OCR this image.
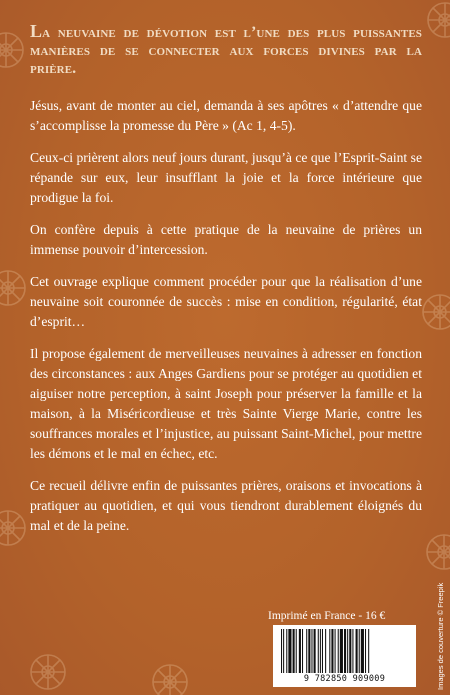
La neuvaine de dévotion est l’une des plus puissantes manières de se connecter aux forces divines par la prière.

Jésus, avant de monter au ciel, demanda à ses apôtres « d’attendre que s’accomplisse la promesse du Père » (Ac 1, 4-5).

Ceux-ci prièrent alors neuf jours durant, jusqu’à ce que l’Esprit-Saint se répande sur eux, leur insufflant la joie et la force intérieure que prodigue la foi.

On confère depuis à cette pratique de la neuvaine de prières un immense pouvoir d’intercession.

Cet ouvrage explique comment procéder pour que la réalisation d’une neuvaine soit couronnée de succès : mise en condition, régularité, état d’esprit…

Il propose également de merveilleuses neuvaines à adresser en fonction des circonstances : aux Anges Gardiens pour se protéger au quotidien et aiguiser notre perception, à saint Joseph pour préserver la famille et la maison, à la Miséricordieuse et très Sainte Vierge Marie, contre les souffrances morales et l’injustice, au puissant Saint-Michel, pour mettre les démons et le mal en échec, etc.

Ce recueil délivre enfin de puissantes prières, oraisons et invocations à pratiquer au quotidien, et qui vous tiendront durablement éloignés du mal et de la peine.

Imprimé en France - 16 €
9 782850 909009	Images de couverture © Freepik
